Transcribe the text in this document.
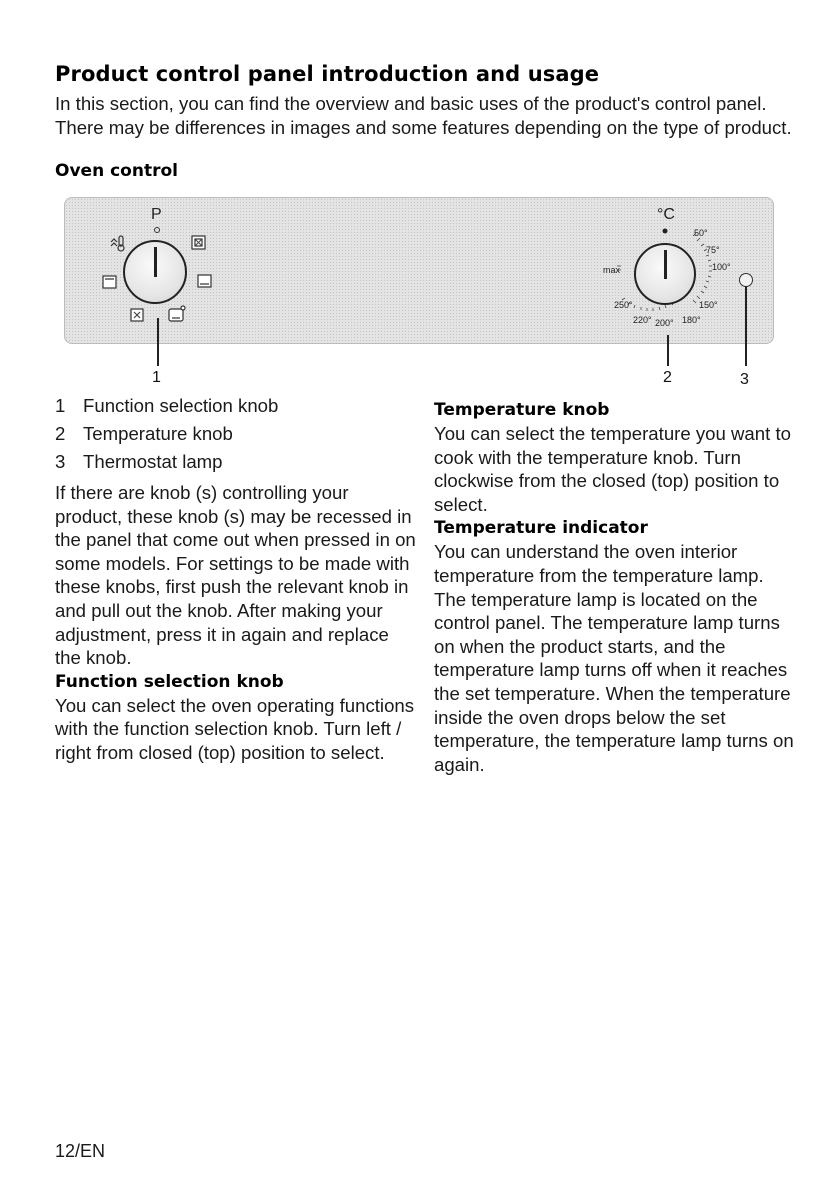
Product control panel introduction and usage

In this section, you can find the overview and basic uses of the product's control panel. There may be differences in images and some features depending on the type of product.

Oven control
P	°C
max
50°
75°
100°
150°
180°
200°
220°
250°
1	2	3
1 Function selection knob
2 Temperature knob
3 Thermostat lamp

If there are knob (s) controlling your product, these knob (s) may be recessed in the panel that come out when pressed in on some models. For settings to be made with these knobs, first push the relevant knob in and pull out the knob. After making your adjustment, press it in again and replace the knob.

Function selection knob

You can select the oven operating functions with the function selection knob. Turn left / right from closed (top) position to select.

Temperature knob

You can select the temperature you want to cook with the temperature knob. Turn clockwise from the closed (top) position to select.

Temperature indicator

You can understand the oven interior temperature from the temperature lamp. The temperature lamp is located on the control panel. The temperature lamp turns on when the product starts, and the temperature lamp turns off when it reaches the set temperature. When the temperature inside the oven drops below the set temperature, the temperature lamp turns on again.

12/EN
